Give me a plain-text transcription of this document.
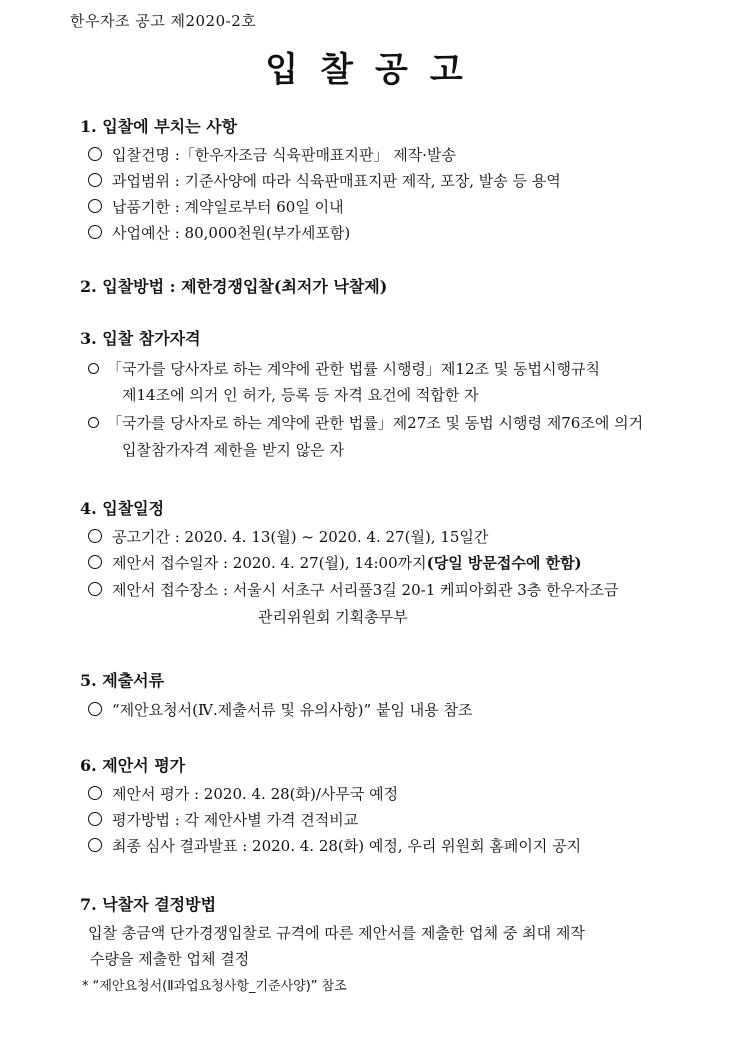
한우자조 공고 제2020-2호
입찰공고
1. 입찰에 부치는 사항
입찰건명 :「한우자조금 식육판매표지판」 제작·발송
과업범위 : 기준사양에 따라 식육판매표지판 제작, 포장, 발송 등 용역
납품기한 : 계약일로부터 60일 이내
사업예산 : 80,000천원(부가세포함)
2. 입찰방법 : 제한경쟁입찰(최저가 낙찰제)
3. 입찰 참가자격
「국가를 당사자로 하는 계약에 관한 법률 시행령」제12조 및 동법시행규칙
제14조에 의거 인 허가, 등록 등 자격 요건에 적합한 자
「국가를 당사자로 하는 계약에 관한 법률」제27조 및 동법 시행령 제76조에 의거
입찰참가자격 제한을 받지 않은 자
4. 입찰일정
공고기간 : 2020. 4. 13(월) ~ 2020. 4. 27(월), 15일간
제안서 접수일자 : 2020. 4. 27(월), 14:00까지(당일 방문접수에 한함)
제안서 접수장소 : 서울시 서초구 서리풀3길 20-1 케피아회관 3층 한우자조금
관리위원회 기획총무부
5. 제출서류
“제안요청서(Ⅳ.제출서류 및 유의사항)” 붙임 내용 참조
6. 제안서 평가
제안서 평가 : 2020. 4. 28(화)/사무국 예정
평가방법 : 각 제안사별 가격 견적비교
최종 심사 결과발표 : 2020. 4. 28(화) 예정, 우리 위원회 홈페이지 공지
7. 낙찰자 결정방법
입찰 총금액 단가경쟁입찰로 규격에 따른 제안서를 제출한 업체 중 최대 제작
수량을 제출한 업체 결정
* “제안요청서(Ⅱ과업요청사항_기준사양)” 참조
